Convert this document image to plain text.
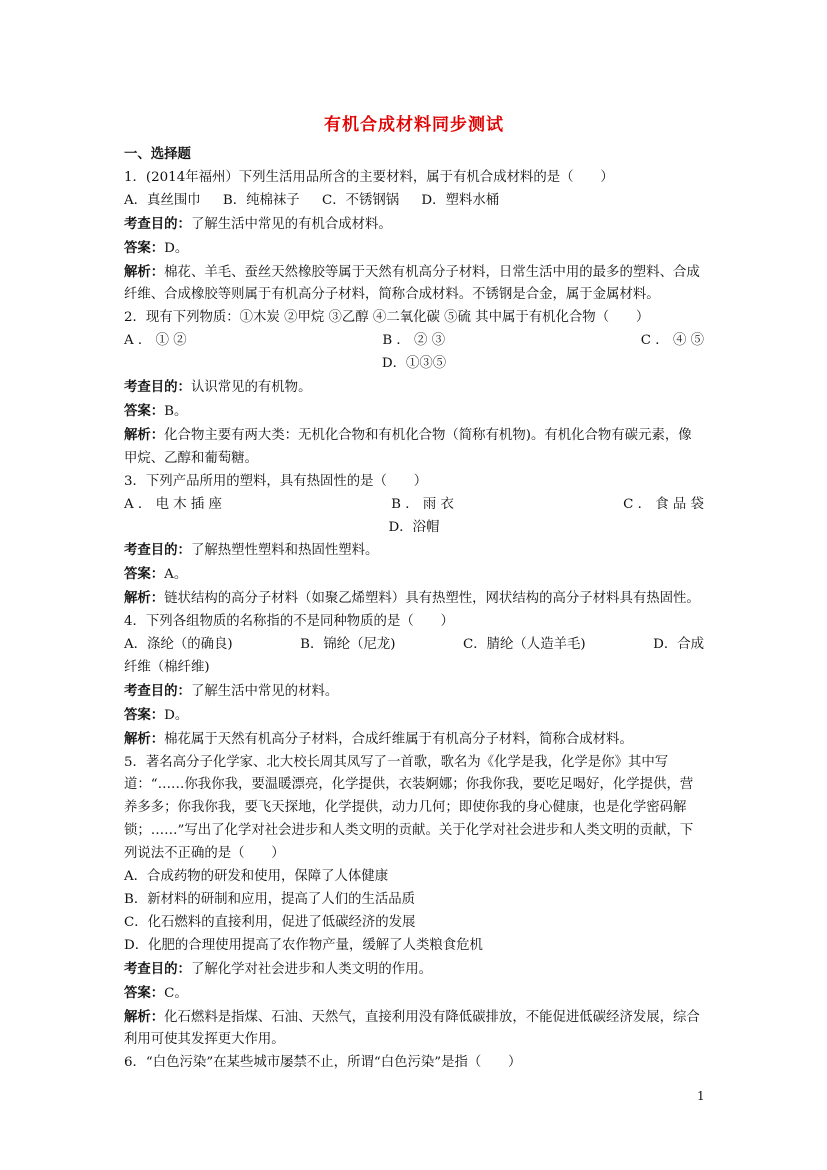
有机合成材料同步测试
一、选择题
1．(2014年福州）下列生活用品所含的主要材料，属于有机合成材料的是（　　）
A．真丝围巾 B．纯棉袜子 C．不锈钢锅 D．塑料水桶
考查目的：了解生活中常见的有机合成材料。
答案：D。
解析：棉花、羊毛、蚕丝天然橡胶等属于天然有机高分子材料，日常生活中用的最多的塑料、合成纤维、合成橡胶等则属于有机高分子材料，简称合成材料。不锈钢是合金，属于金属材料。
2．现有下列物质：①木炭 ②甲烷 ③乙醇 ④二氧化碳 ⑤硫 其中属于有机化合物（　　）
A ． ① ②	B ． ② ③	C ． ④ ⑤
D．①③⑤
考查目的：认识常见的有机物。
答案：B。
解析：化合物主要有两大类：无机化合物和有机化合物（简称有机物)。有机化合物有碳元素，像甲烷、乙醇和葡萄糖。
3．下列产品所用的塑料，具有热固性的是（　　）
A ． 电 木 插 座	B ． 雨 衣	C ． 食 品 袋
D．浴帽
考查目的：了解热塑性塑料和热固性塑料。
答案：A。
解析：链状结构的高分子材料（如聚乙烯塑料）具有热塑性，网状结构的高分子材料具有热固性。
4．下列各组物质的名称指的不是同种物质的是（　　）
A．涤纶（的确良)	B．锦纶（尼龙)	C．腈纶（人造羊毛)	D．合成
纤维（棉纤维)
考查目的：了解生活中常见的材料。
答案：D。
解析：棉花属于天然有机高分子材料，合成纤维属于有机高分子材料，简称合成材料。
5．著名高分子化学家、北大校长周其凤写了一首歌，歌名为《化学是我，化学是你》其中写道：“……你我你我，要温暖漂亮，化学提供，衣装婀娜；你我你我，要吃足喝好，化学提供，营养多多；你我你我，要飞天探地，化学提供，动力几何；即使你我的身心健康，也是化学密码解锁；……”写出了化学对社会进步和人类文明的贡献。关于化学对社会进步和人类文明的贡献，下列说法不正确的是（　　）
A．合成药物的研发和使用，保障了人体健康
B．新材料的研制和应用，提高了人们的生活品质
C．化石燃料的直接利用，促进了低碳经济的发展
D．化肥的合理使用提高了农作物产量，缓解了人类粮食危机
考查目的：了解化学对社会进步和人类文明的作用。
答案：C。
解析：化石燃料是指煤、石油、天然气，直接利用没有降低碳排放，不能促进低碳经济发展，综合利用可使其发挥更大作用。
6．“白色污染”在某些城市屡禁不止，所谓“白色污染”是指（　　）
1
